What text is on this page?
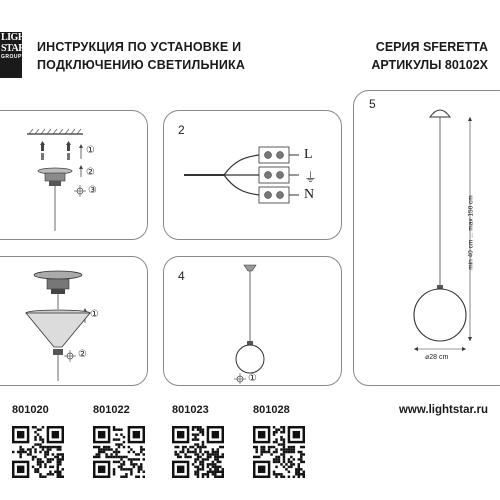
LIGHT
STAR
GROUP
ИНСТРУКЦИЯ ПО УСТАНОВКЕ И
ПОДКЛЮЧЕНИЮ СВЕТИЛЬНИКА
СЕРИЯ SFERETTA
АРТИКУЛЫ 80102X
①
②
③
2
L
⏚
N
①
②
4
①
5
min 40 cm ... max 150 cm
⌀28 cm
801020	801022	801023	801028	www.lightstar.ru
